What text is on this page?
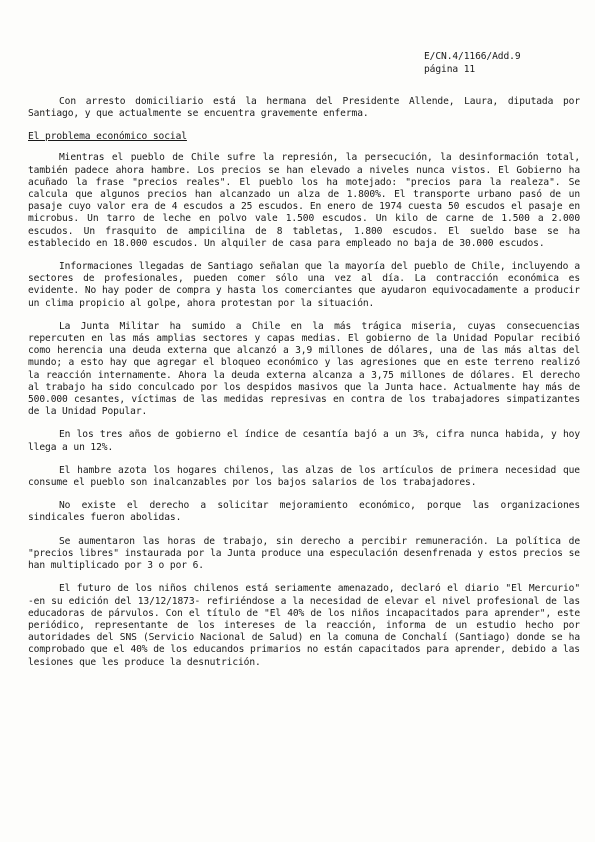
E/CN.4/1166/Add.9
página 11

Con arresto domiciliario está la hermana del Presidente Allende, Laura, diputada por Santiago, y que actualmente se encuentra gravemente enferma.

El problema económico social

Mientras el pueblo de Chile sufre la represión, la persecución, la desinformación total, también padece ahora hambre. Los precios se han elevado a niveles nunca vistos. El Gobierno ha acuñado la frase "precios reales". El pueblo los ha motejado: "precios para la realeza". Se calcula que algunos precios han alcanzado un alza de 1.800%. El transporte urbano pasó de un pasaje cuyo valor era de 4 escudos a 25 escudos. En enero de 1974 cuesta 50 escudos el pasaje en microbus. Un tarro de leche en polvo vale 1.500 escudos. Un kilo de carne de 1.500 a 2.000 escudos. Un frasquito de ampicilina de 8 tabletas, 1.800 escudos. El sueldo base se ha establecido en 18.000 escudos. Un alquiler de casa para empleado no baja de 30.000 escudos.

Informaciones llegadas de Santiago señalan que la mayoría del pueblo de Chile, incluyendo a sectores de profesionales, pueden comer sólo una vez al día. La contracción económica es evidente. No hay poder de compra y hasta los comerciantes que ayudaron equivocadamente a producir un clima propicio al golpe, ahora protestan por la situación.

La Junta Militar ha sumido a Chile en la más trágica miseria, cuyas consecuencias repercuten en las más amplias sectores y capas medias. El gobierno de la Unidad Popular recibió como herencia una deuda externa que alcanzó a 3,9 millones de dólares, una de las más altas del mundo; a esto hay que agregar el bloqueo económico y las agresiones que en este terreno realizó la reacción internamente. Ahora la deuda externa alcanza a 3,75 millones de dólares. El derecho al trabajo ha sido conculcado por los despidos masivos que la Junta hace. Actualmente hay más de 500.000 cesantes, víctimas de las medidas represivas en contra de los trabajadores simpatizantes de la Unidad Popular.

En los tres años de gobierno el índice de cesantía bajó a un 3%, cifra nunca habida, y hoy llega a un 12%.

El hambre azota los hogares chilenos, las alzas de los artículos de primera necesidad que consume el pueblo son inalcanzables por los bajos salarios de los trabajadores.

No existe el derecho a solicitar mejoramiento económico, porque las organizaciones sindicales fueron abolidas.

Se aumentaron las horas de trabajo, sin derecho a percibir remuneración. La política de "precios libres" instaurada por la Junta produce una especulación desenfrenada y estos precios se han multiplicado por 3 o por 6.

El futuro de los niños chilenos está seriamente amenazado, declaró el diario "El Mercurio" -en su edición del 13/12/1873- refiriéndose a la necesidad de elevar el nivel profesional de las educadoras de párvulos. Con el título de "El 40% de los niños incapacitados para aprender", este periódico, representante de los intereses de la reacción, informa de un estudio hecho por autoridades del SNS (Servicio Nacional de Salud) en la comuna de Conchalí (Santiago) donde se ha comprobado que el 40% de los educandos primarios no están capacitados para aprender, debido a las lesiones que les produce la desnutrición.
